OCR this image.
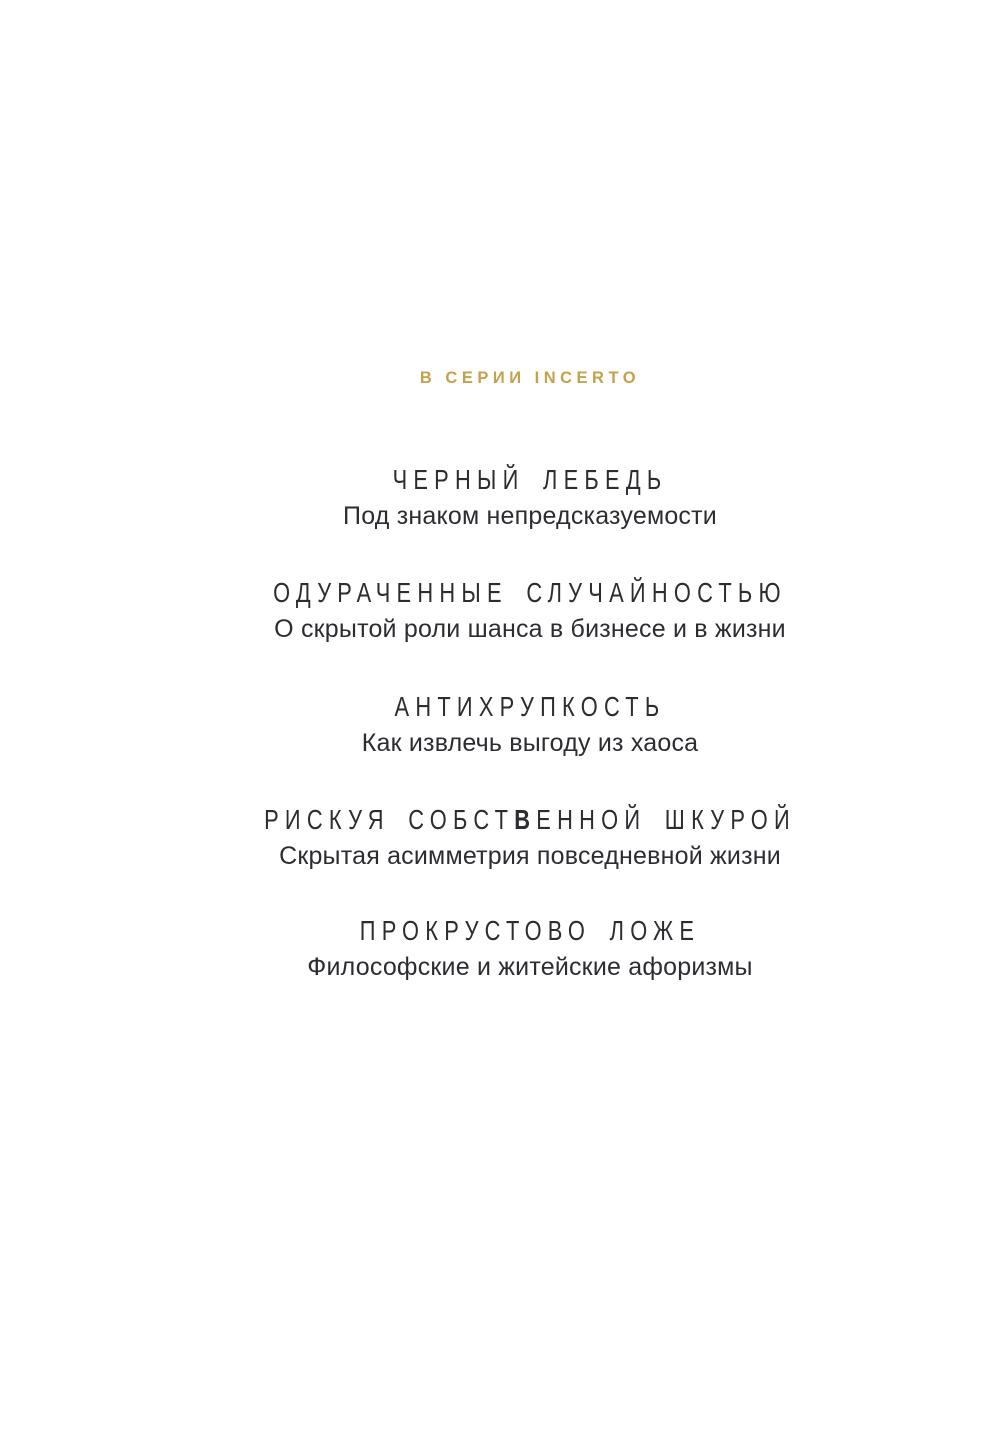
В СЕРИИ INCERTO
ЧЕРНЫЙ ЛЕБЕДЬ
Под знаком непредсказуемости
ОДУРАЧЕННЫЕ СЛУЧАЙНОСТЬЮ
О скрытой роли шанса в бизнесе и в жизни
АНТИХРУПКОСТЬ
Как извлечь выгоду из хаоса
РИСКУЯ СОБСТВЕННОЙ ШКУРОЙ
Скрытая асимметрия повседневной жизни
ПРОКРУСТОВО ЛОЖЕ
Философские и житейские афоризмы
